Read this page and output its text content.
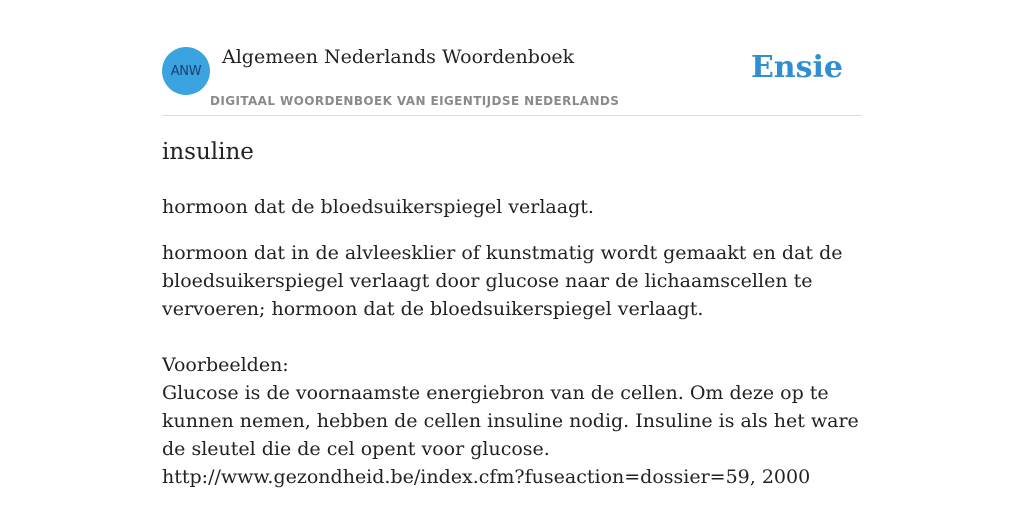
ANW
Algemeen Nederlands Woordenboek
DIGITAAL WOORDENBOEK VAN EIGENTIJDSE NEDERLANDS
Ensie
insuline
hormoon dat de bloedsuikerspiegel verlaagt.

hormoon dat in de alvleesklier of kunstmatig wordt gemaakt en dat de bloedsuikerspiegel verlaagt door glucose naar de lichaamscellen te vervoeren; hormoon dat de bloedsuikerspiegel verlaagt.

Voorbeelden:

Glucose is de voornaamste energiebron van de cellen. Om deze op te kunnen nemen, hebben de cellen insuline nodig. Insuline is als het ware de sleutel die de cel opent voor glucose.

http://www.gezondheid.be/index.cfm?fuseaction=dossier=59, 2000
